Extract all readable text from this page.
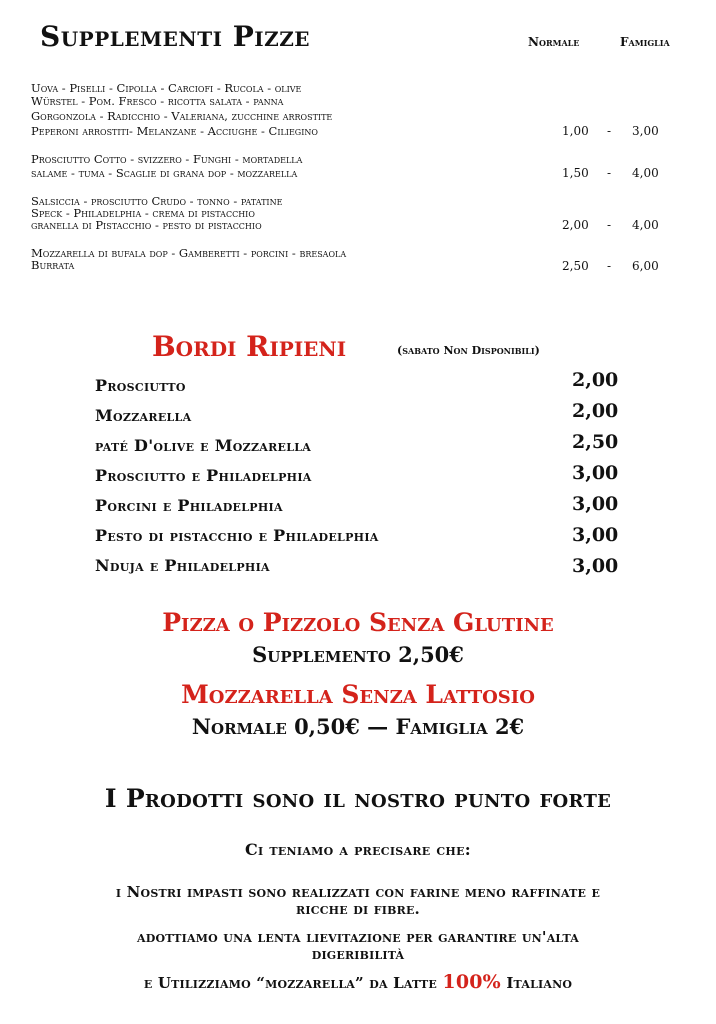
Supplementi Pizze	Normale	Famiglia
Uova - Piselli - Cipolla - Carciofi - Rucola - olive
Würstel - Pom. Fresco - ricotta salata - panna
Gorgonzola - Radicchio - Valeriana, zucchine arrostite
Peperoni arrostiti- Melanzane - Acciughe - Ciliegino	1,00 - 3,00
Prosciutto Cotto - svizzero - Funghi - mortadella
salame - tuma - Scaglie di grana dop - mozzarella	1,50 - 4,00
Salsiccia - prosciutto Crudo - tonno - patatine
Speck - Philadelphia - crema di pistacchio
granella di Pistacchio - pesto di pistacchio	2,00 - 4,00
Mozzarella di bufala dop - Gamberetti - porcini - bresaola
Burrata	2,50 - 6,00
Bordi Ripieni	(sabato Non Disponibili)
Prosciutto	2,00
Mozzarella	2,00
paté D'olive e Mozzarella	2,50
Prosciutto e Philadelphia	3,00
Porcini e Philadelphia	3,00
Pesto di pistacchio e Philadelphia	3,00
Nduja e Philadelphia	3,00
Pizza o Pizzolo Senza Glutine
Supplemento 2,50€
Mozzarella Senza Lattosio
Normale 0,50€ — Famiglia 2€
I Prodotti sono il nostro punto forte
Ci teniamo a precisare che:
i Nostri impasti sono realizzati con farine meno raffinate e
ricche di fibre.
adottiamo una lenta lievitazione per garantire un'alta
digeribilità
e Utilizziamo “mozzarella” da Latte 100% Italiano
